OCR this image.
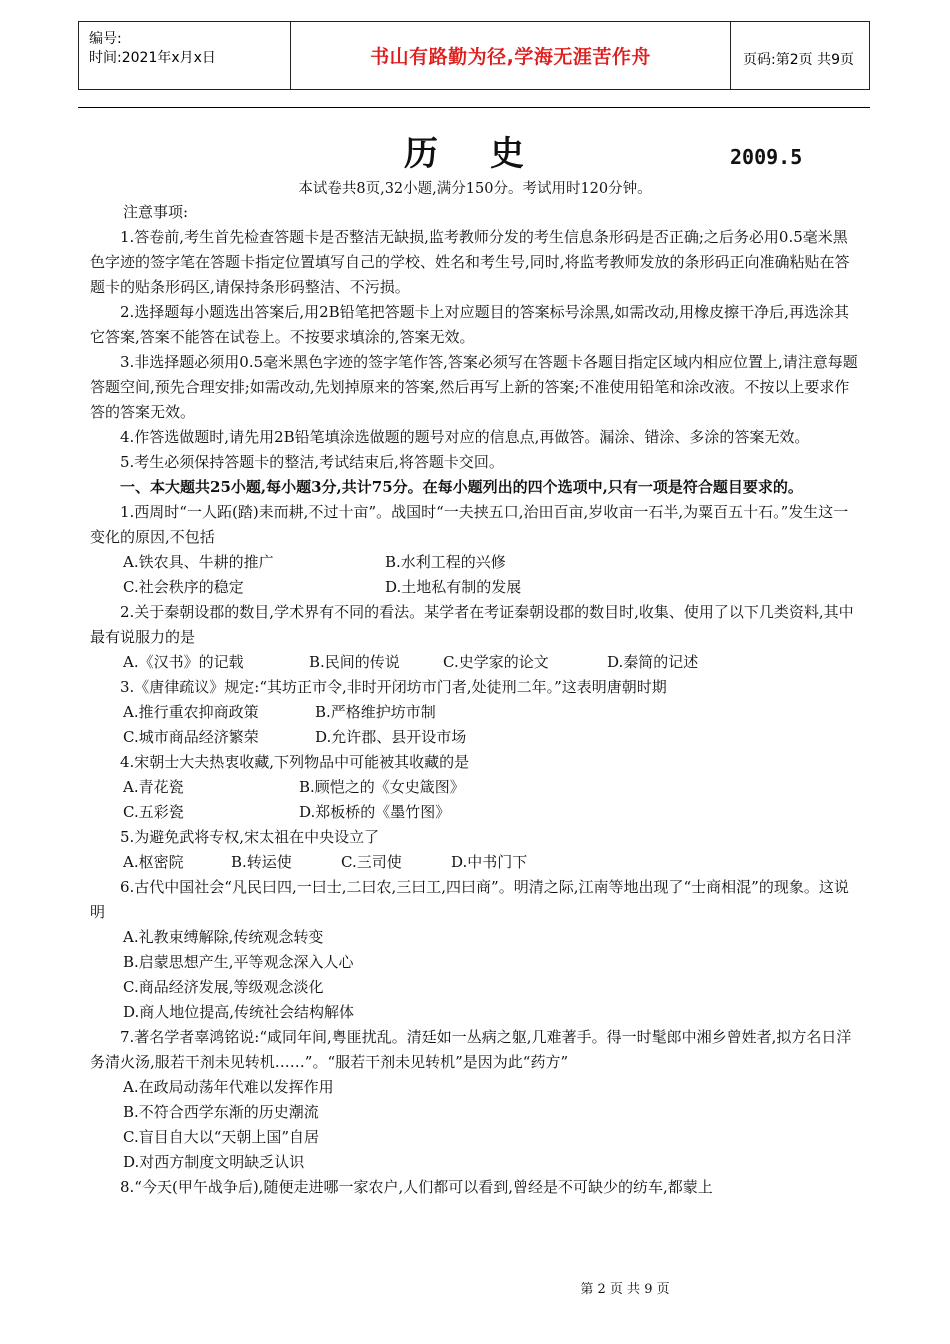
编号:
时间:2021年x月x日	书山有路勤为径,学海无涯苦作舟	页码:第2页 共9页
历史	2009.5
本试卷共8页,32小题,满分150分。考试用时120分钟。

注意事项:

1.答卷前,考生首先检查答题卡是否整洁无缺损,监考教师分发的考生信息条形码是否正确;之后务必用0.5毫米黑色字迹的签字笔在答题卡指定位置填写自己的学校、姓名和考生号,同时,将监考教师发放的条形码正向准确粘贴在答题卡的贴条形码区,请保持条形码整洁、不污损。

2.选择题每小题选出答案后,用2B铅笔把答题卡上对应题目的答案标号涂黑,如需改动,用橡皮擦干净后,再选涂其它答案,答案不能答在试卷上。不按要求填涂的,答案无效。

3.非选择题必须用0.5毫米黑色字迹的签字笔作答,答案必须写在答题卡各题目指定区域内相应位置上,请注意每题答题空间,预先合理安排;如需改动,先划掉原来的答案,然后再写上新的答案;不准使用铅笔和涂改液。不按以上要求作答的答案无效。

4.作答选做题时,请先用2B铅笔填涂选做题的题号对应的信息点,再做答。漏涂、错涂、多涂的答案无效。

5.考生必须保持答题卡的整洁,考试结束后,将答题卡交回。

一、本大题共25小题,每小题3分,共计75分。在每小题列出的四个选项中,只有一项是符合题目要求的。

1.西周时“一人跖(踏)耒而耕,不过十亩”。战国时“一夫挟五口,治田百亩,岁收亩一石半,为粟百五十石。”发生这一变化的原因,不包括

A.铁农具、牛耕的推广	B.水利工程的兴修

C.社会秩序的稳定	D.土地私有制的发展

2.关于秦朝设郡的数目,学术界有不同的看法。某学者在考证秦朝设郡的数目时,收集、使用了以下几类资料,其中最有说服力的是

A.《汉书》的记载	B.民间的传说	C.史学家的论文	D.秦简的记述

3.《唐律疏议》规定:“其坊正市令,非时开闭坊市门者,处徒刑二年。”这表明唐朝时期

A.推行重农抑商政策	B.严格维护坊市制

C.城市商品经济繁荣	D.允许郡、县开设市场

4.宋朝士大夫热衷收藏,下列物品中可能被其收藏的是

A.青花瓷	B.顾恺之的《女史箴图》

C.五彩瓷	D.郑板桥的《墨竹图》

5.为避免武将专权,宋太祖在中央设立了

A.枢密院	B.转运使	C.三司使	D.中书门下

6.古代中国社会“凡民曰四,一曰士,二曰农,三曰工,四曰商”。明清之际,江南等地出现了“士商相混”的现象。这说明

A.礼教束缚解除,传统观念转变

B.启蒙思想产生,平等观念深入人心

C.商品经济发展,等级观念淡化

D.商人地位提高,传统社会结构解体

7.著名学者辜鸿铭说:“咸同年间,粤匪扰乱。清廷如一丛病之躯,几难著手。得一时髦郎中湘乡曾姓者,拟方名日洋务清火汤,服若干剂未见转机……”。“服若干剂未见转机”是因为此“药方”

A.在政局动荡年代难以发挥作用

B.不符合西学东渐的历史潮流

C.盲目自大以“天朝上国”自居

D.对西方制度文明缺乏认识

8.“今天(甲午战争后),随便走进哪一家农户,人们都可以看到,曾经是不可缺少的纺车,都蒙上

第 2 页 共 9 页
